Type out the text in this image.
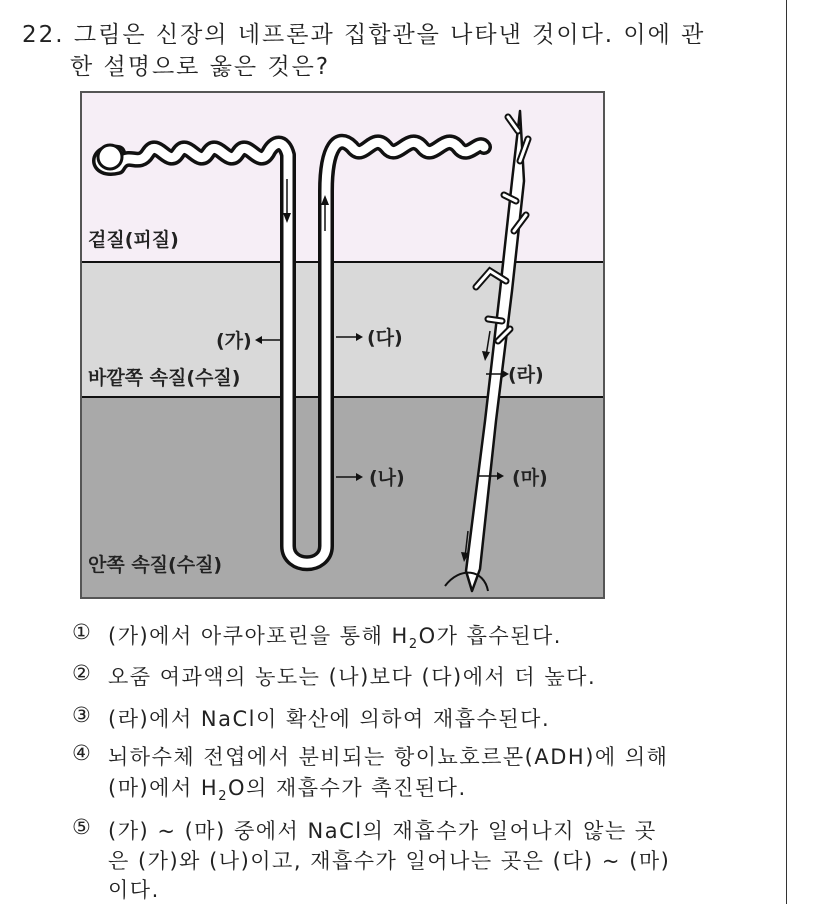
22. 그림은 신장의 네프론과 집합관을 나타낸 것이다. 이에 관
한 설명으로 옳은 것은?
겉질(피질)
바깥쪽 속질(수질)
안쪽 속질(수질)
(가)	(다)
(라)
(나)	(마)
① (가)에서 아쿠아포린을 통해 $H_2O$가 흡수된다.
② 오줌 여과액의 농도는 (나)보다 (다)에서 더 높다.
③ (라)에서 NaCl이 확산에 의하여 재흡수된다.
④ 뇌하수체 전엽에서 분비되는 항이뇨호르몬(ADH)에 의해
(마)에서 $H_2O$의 재흡수가 촉진된다.
⑤ (가) ~ (마) 중에서 NaCl의 재흡수가 일어나지 않는 곳
은 (가)와 (나)이고, 재흡수가 일어나는 곳은 (다) ~ (마)
이다.
